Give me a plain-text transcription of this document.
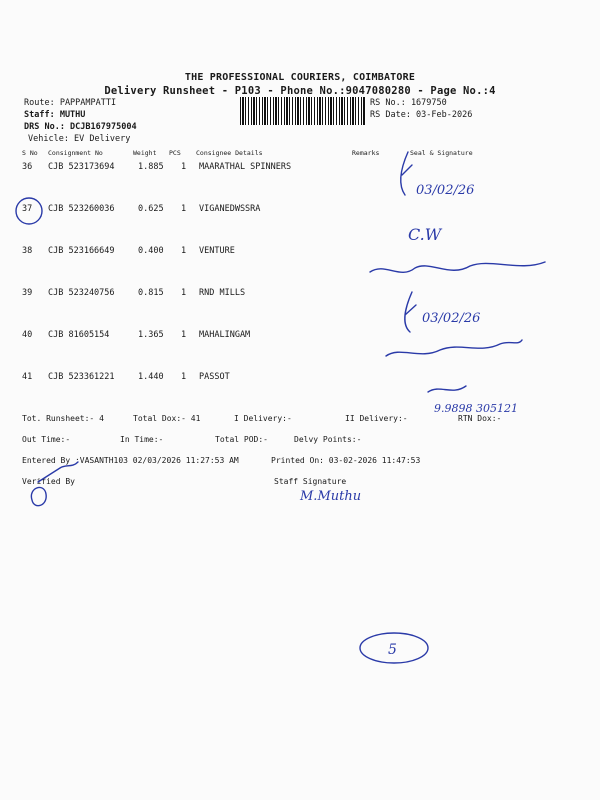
THE PROFESSIONAL COURIERS, COIMBATORE
Delivery Runsheet - P103 - Phone No.:9047080280 - Page No.:4
Route: PAPPAMPATTI
Staff: MUTHU
DRS No.: DCJB167975004
Vehicle: EV Delivery
RS No.: 1679750
RS Date: 03-Feb-2026
S No Consignment No	Weight PCS Consignee Details	Remarks	Seal & Signature
36 CJB 523173694	1.885 1 MAARATHAL SPINNERS
37 CJB 523260036	0.625 1 VIGANEDWSSRA
38 CJB 523166649	0.400 1 VENTURE
39 CJB 523240756	0.815 1 RND MILLS
40 CJB 81605154	1.365 1 MAHALINGAM
41 CJB 523361221	1.440 1 PASSOT
Tot. Runsheet:- 4	Total Dox:- 41	I Delivery:-	II Delivery:-	RTN Dox:-
Out Time:-	In Time:-	Total POD:-	Delvy Points:-
Entered By :VASANTH103 02/03/2026 11:27:53 AM	Printed On: 03-02-2026 11:47:53
Verified By	Staff Signature
03/02/26
C.W
03/02/26
9.9898 305121
M.Muthu
5
